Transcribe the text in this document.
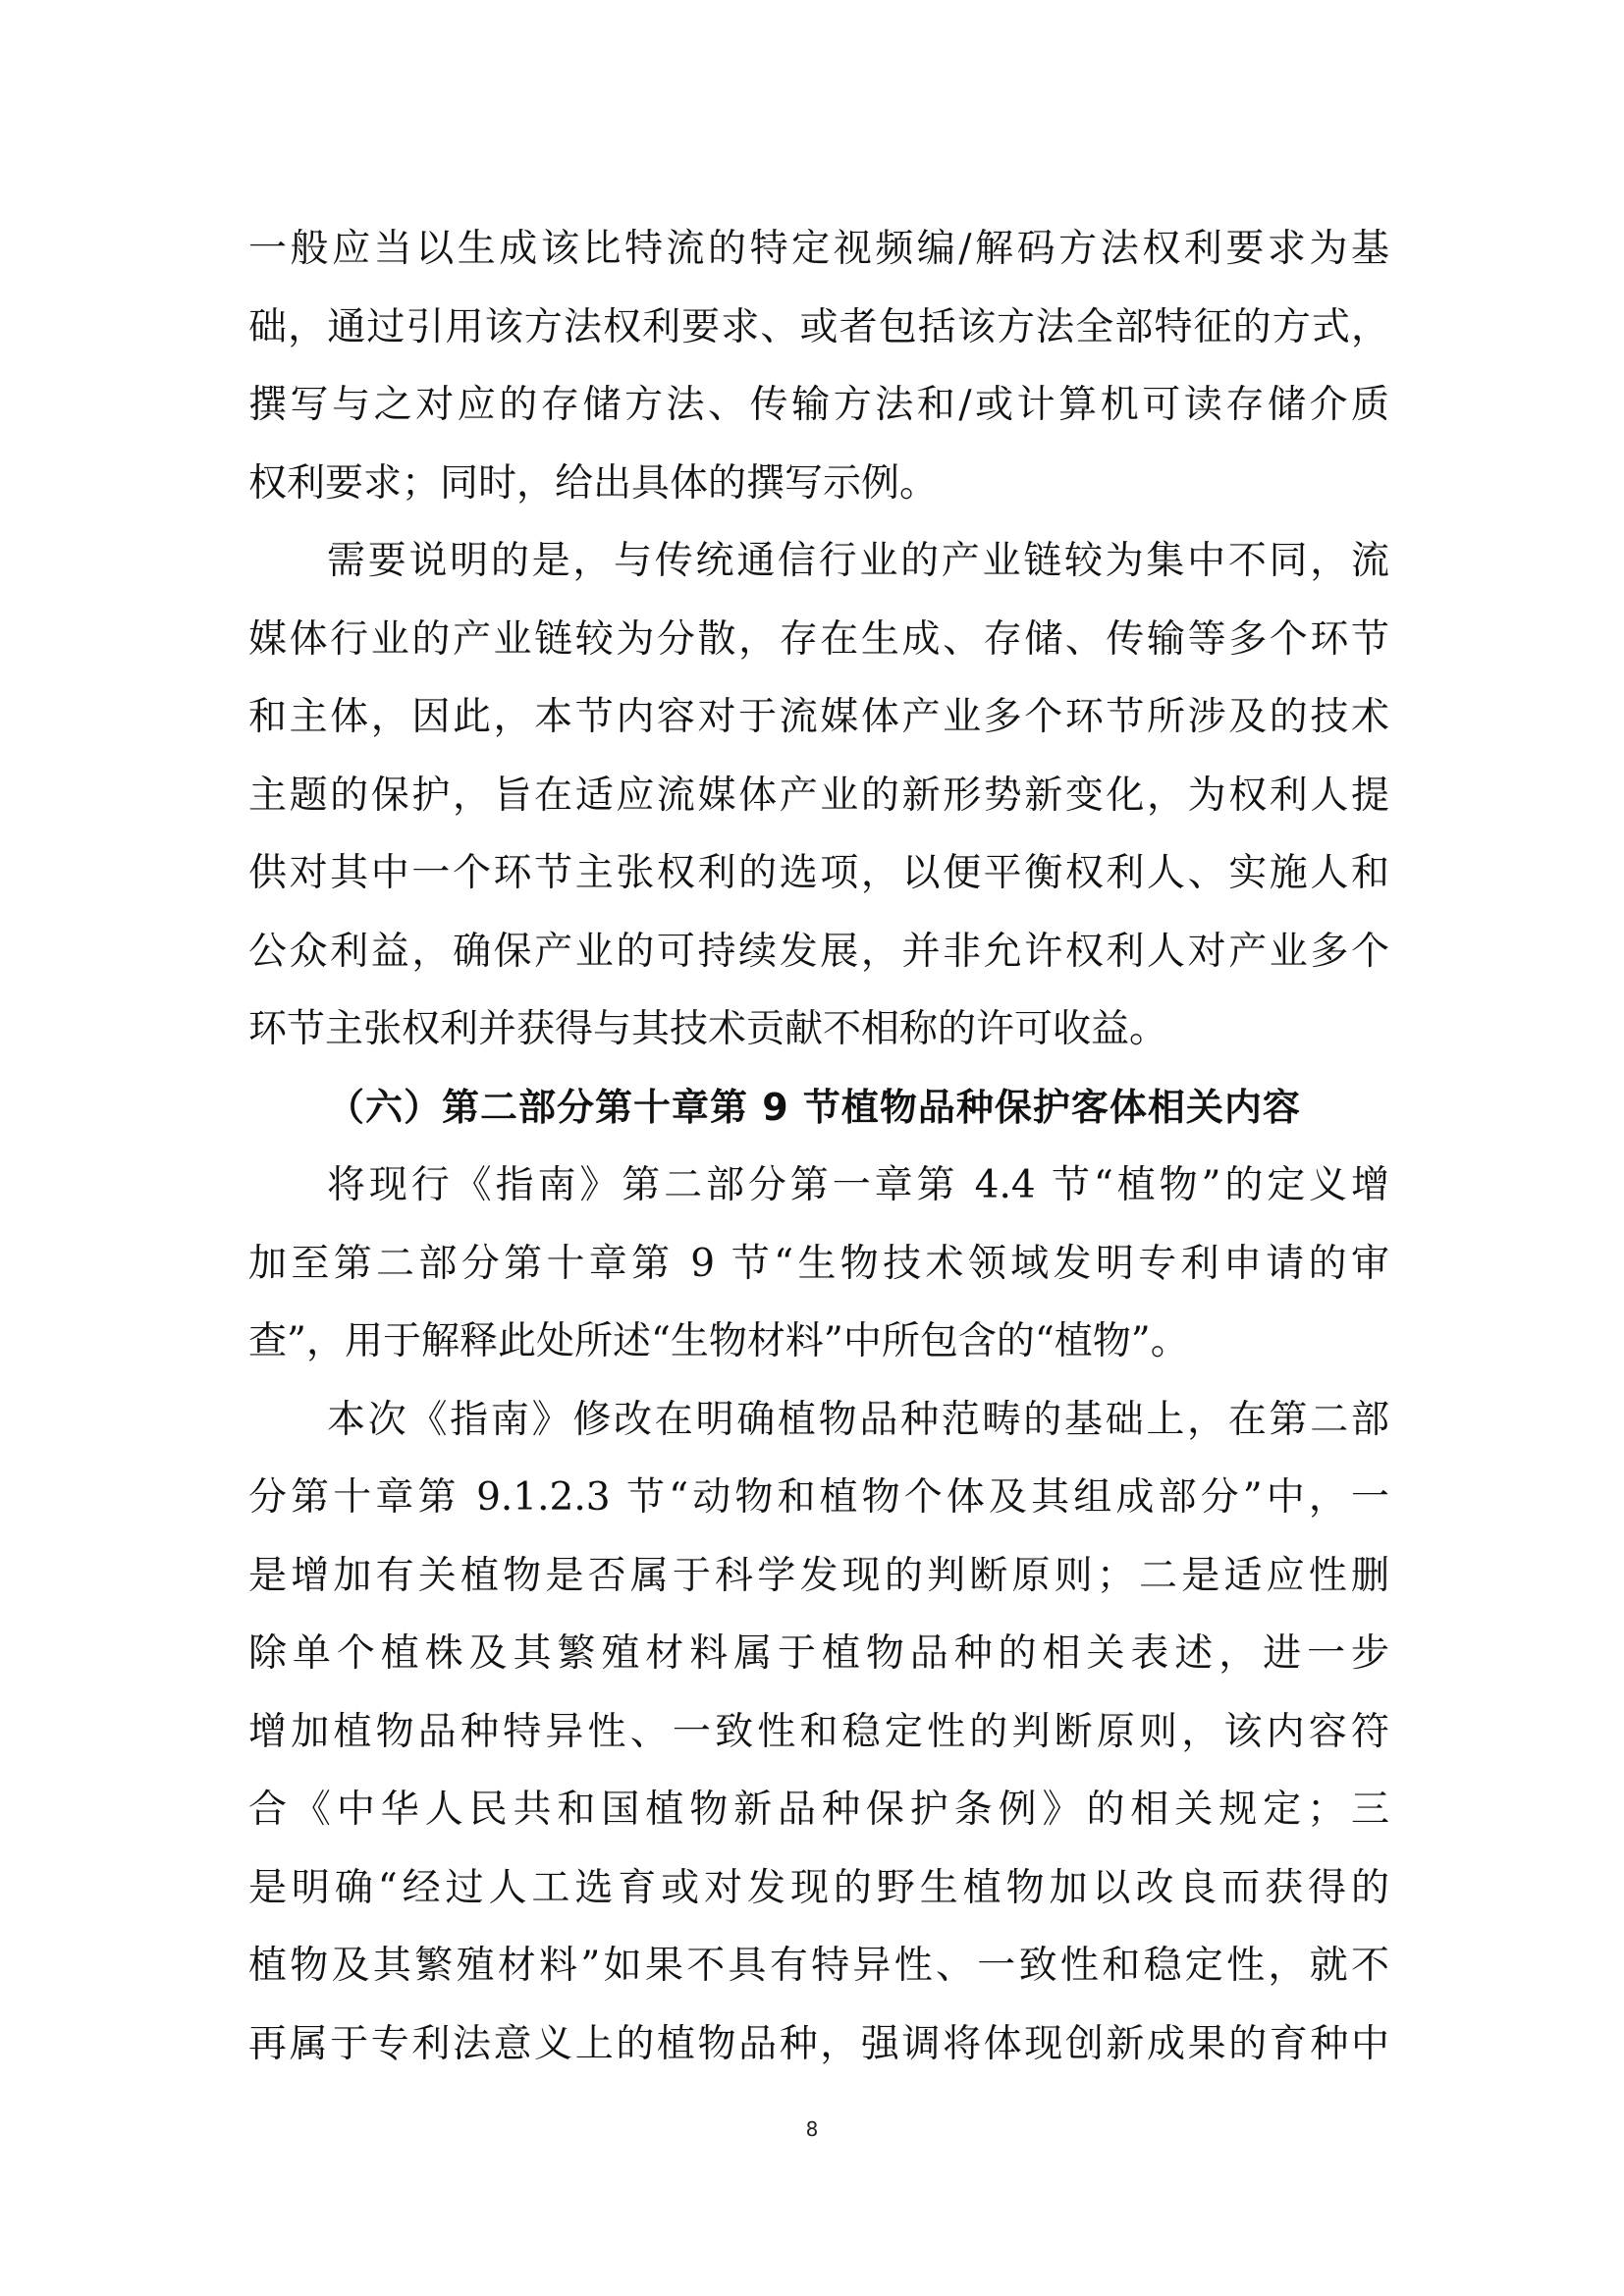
一般应当以生成该比特流的特定视频编/解码方法权利要求为基
础，通过引用该方法权利要求、或者包括该方法全部特征的方式，
撰写与之对应的存储方法、传输方法和/或计算机可读存储介质
权利要求；同时，给出具体的撰写示例。
需要说明的是，与传统通信行业的产业链较为集中不同，流
媒体行业的产业链较为分散，存在生成、存储、传输等多个环节
和主体，因此，本节内容对于流媒体产业多个环节所涉及的技术
主题的保护，旨在适应流媒体产业的新形势新变化，为权利人提
供对其中一个环节主张权利的选项，以便平衡权利人、实施人和
公众利益，确保产业的可持续发展，并非允许权利人对产业多个
环节主张权利并获得与其技术贡献不相称的许可收益。
（六）第二部分第十章第 9 节植物品种保护客体相关内容
将现行《指南》第二部分第一章第 4.4 节“植物”的定义增
加至第二部分第十章第 9 节“生物技术领域发明专利申请的审
查”，用于解释此处所述“生物材料”中所包含的“植物”。
本次《指南》修改在明确植物品种范畴的基础上，在第二部
分第十章第 9.1.2.3 节“动物和植物个体及其组成部分”中，一
是增加有关植物是否属于科学发现的判断原则；二是适应性删
除单个植株及其繁殖材料属于植物品种的相关表述，进一步
增加植物品种特异性、一致性和稳定性的判断原则，该内容符
合《中华人民共和国植物新品种保护条例》的相关规定；三
是明确“经过人工选育或对发现的野生植物加以改良而获得的
植物及其繁殖材料”如果不具有特异性、一致性和稳定性，就不
再属于专利法意义上的植物品种，强调将体现创新成果的育种中
8
